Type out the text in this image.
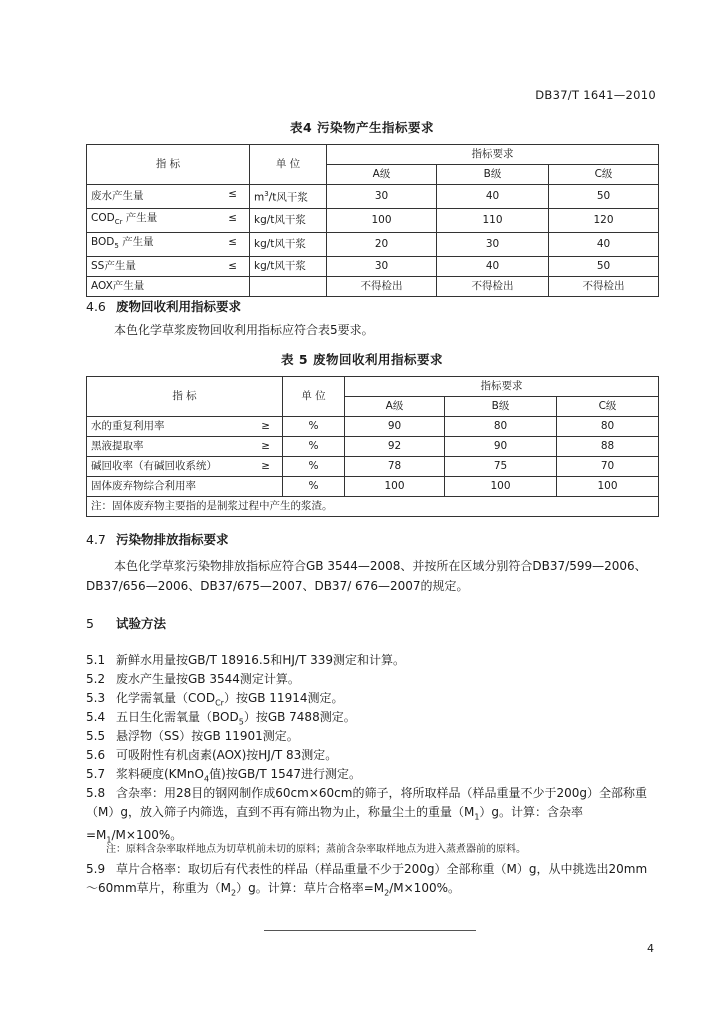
DB37/T 1641—2010
表4 污染物产生指标要求
指 标	单 位	指标要求		
		A级	B级	C级
废水产生量 ≤	$m^3/t$风干浆	30	40	50
$COD_{Cr}$ 产生量 ≤	kg/t风干浆	100	110	120
$BOD_5$ 产生量 ≤	kg/t风干浆	20	30	40
SS产生量 ≤	kg/t风干浆	30	40	50
AOX产生量		不得检出	不得检出	不得检出
4.6 废物回收利用指标要求
本色化学草浆废物回收利用指标应符合表5要求。
表 5 废物回收利用指标要求
指 标	单 位	指标要求		
		A级	B级	C级
水的重复利用率 ≥	%	90	80	80
黑液提取率 ≥	%	92	90	88
碱回收率（有碱回收系统） ≥	%	78	75	70
固体废弃物综合利用率	%	100	100	100
注：固体废弃物主要指的是制浆过程中产生的浆渣。				
4.7 污染物排放指标要求
本色化学草浆污染物排放指标应符合GB 3544—2008、并按所在区域分别符合DB37/599—2006、DB37/656—2006、DB37/675—2007、DB37/ 676—2007的规定。
5 试验方法
5.1 新鲜水用量按GB/T 18916.5和HJ/T 339测定和计算。
5.2 废水产生量按GB 3544测定计算。
5.3 化学需氧量$(COD_{Cr})$按GB 11914测定。
5.4 五日生化需氧量$(BOD_5)$按GB 7488测定。
5.5 悬浮物（SS）按GB 11901测定。
5.6 可吸附性有机卤素(AOX)按HJ/T 83测定。
5.7 浆料硬度(KMnO$_4$值)按GB/T 1547进行测定。
5.8 含杂率：用28目的钢网制作成60cm×60cm的筛子，将所取样品（样品重量不少于200g）全部称重（M）g，放入筛子内筛选，直到不再有筛出物为止，称量尘土的重量$(M_1)g$。计算：含杂率$=M_1/M\times 100\%$。
注：原料含杂率取样地点为切草机前未切的原料；蒸前含杂率取样地点为进入蒸煮器前的原料。
5.9 草片合格率：取切后有代表性的样品（样品重量不少于200g）全部称重（M）g，从中挑选出20mm～60mm草片，称重为$(M_2)g$。计算：草片合格率$=M_2/M\times 100\%$。
4
